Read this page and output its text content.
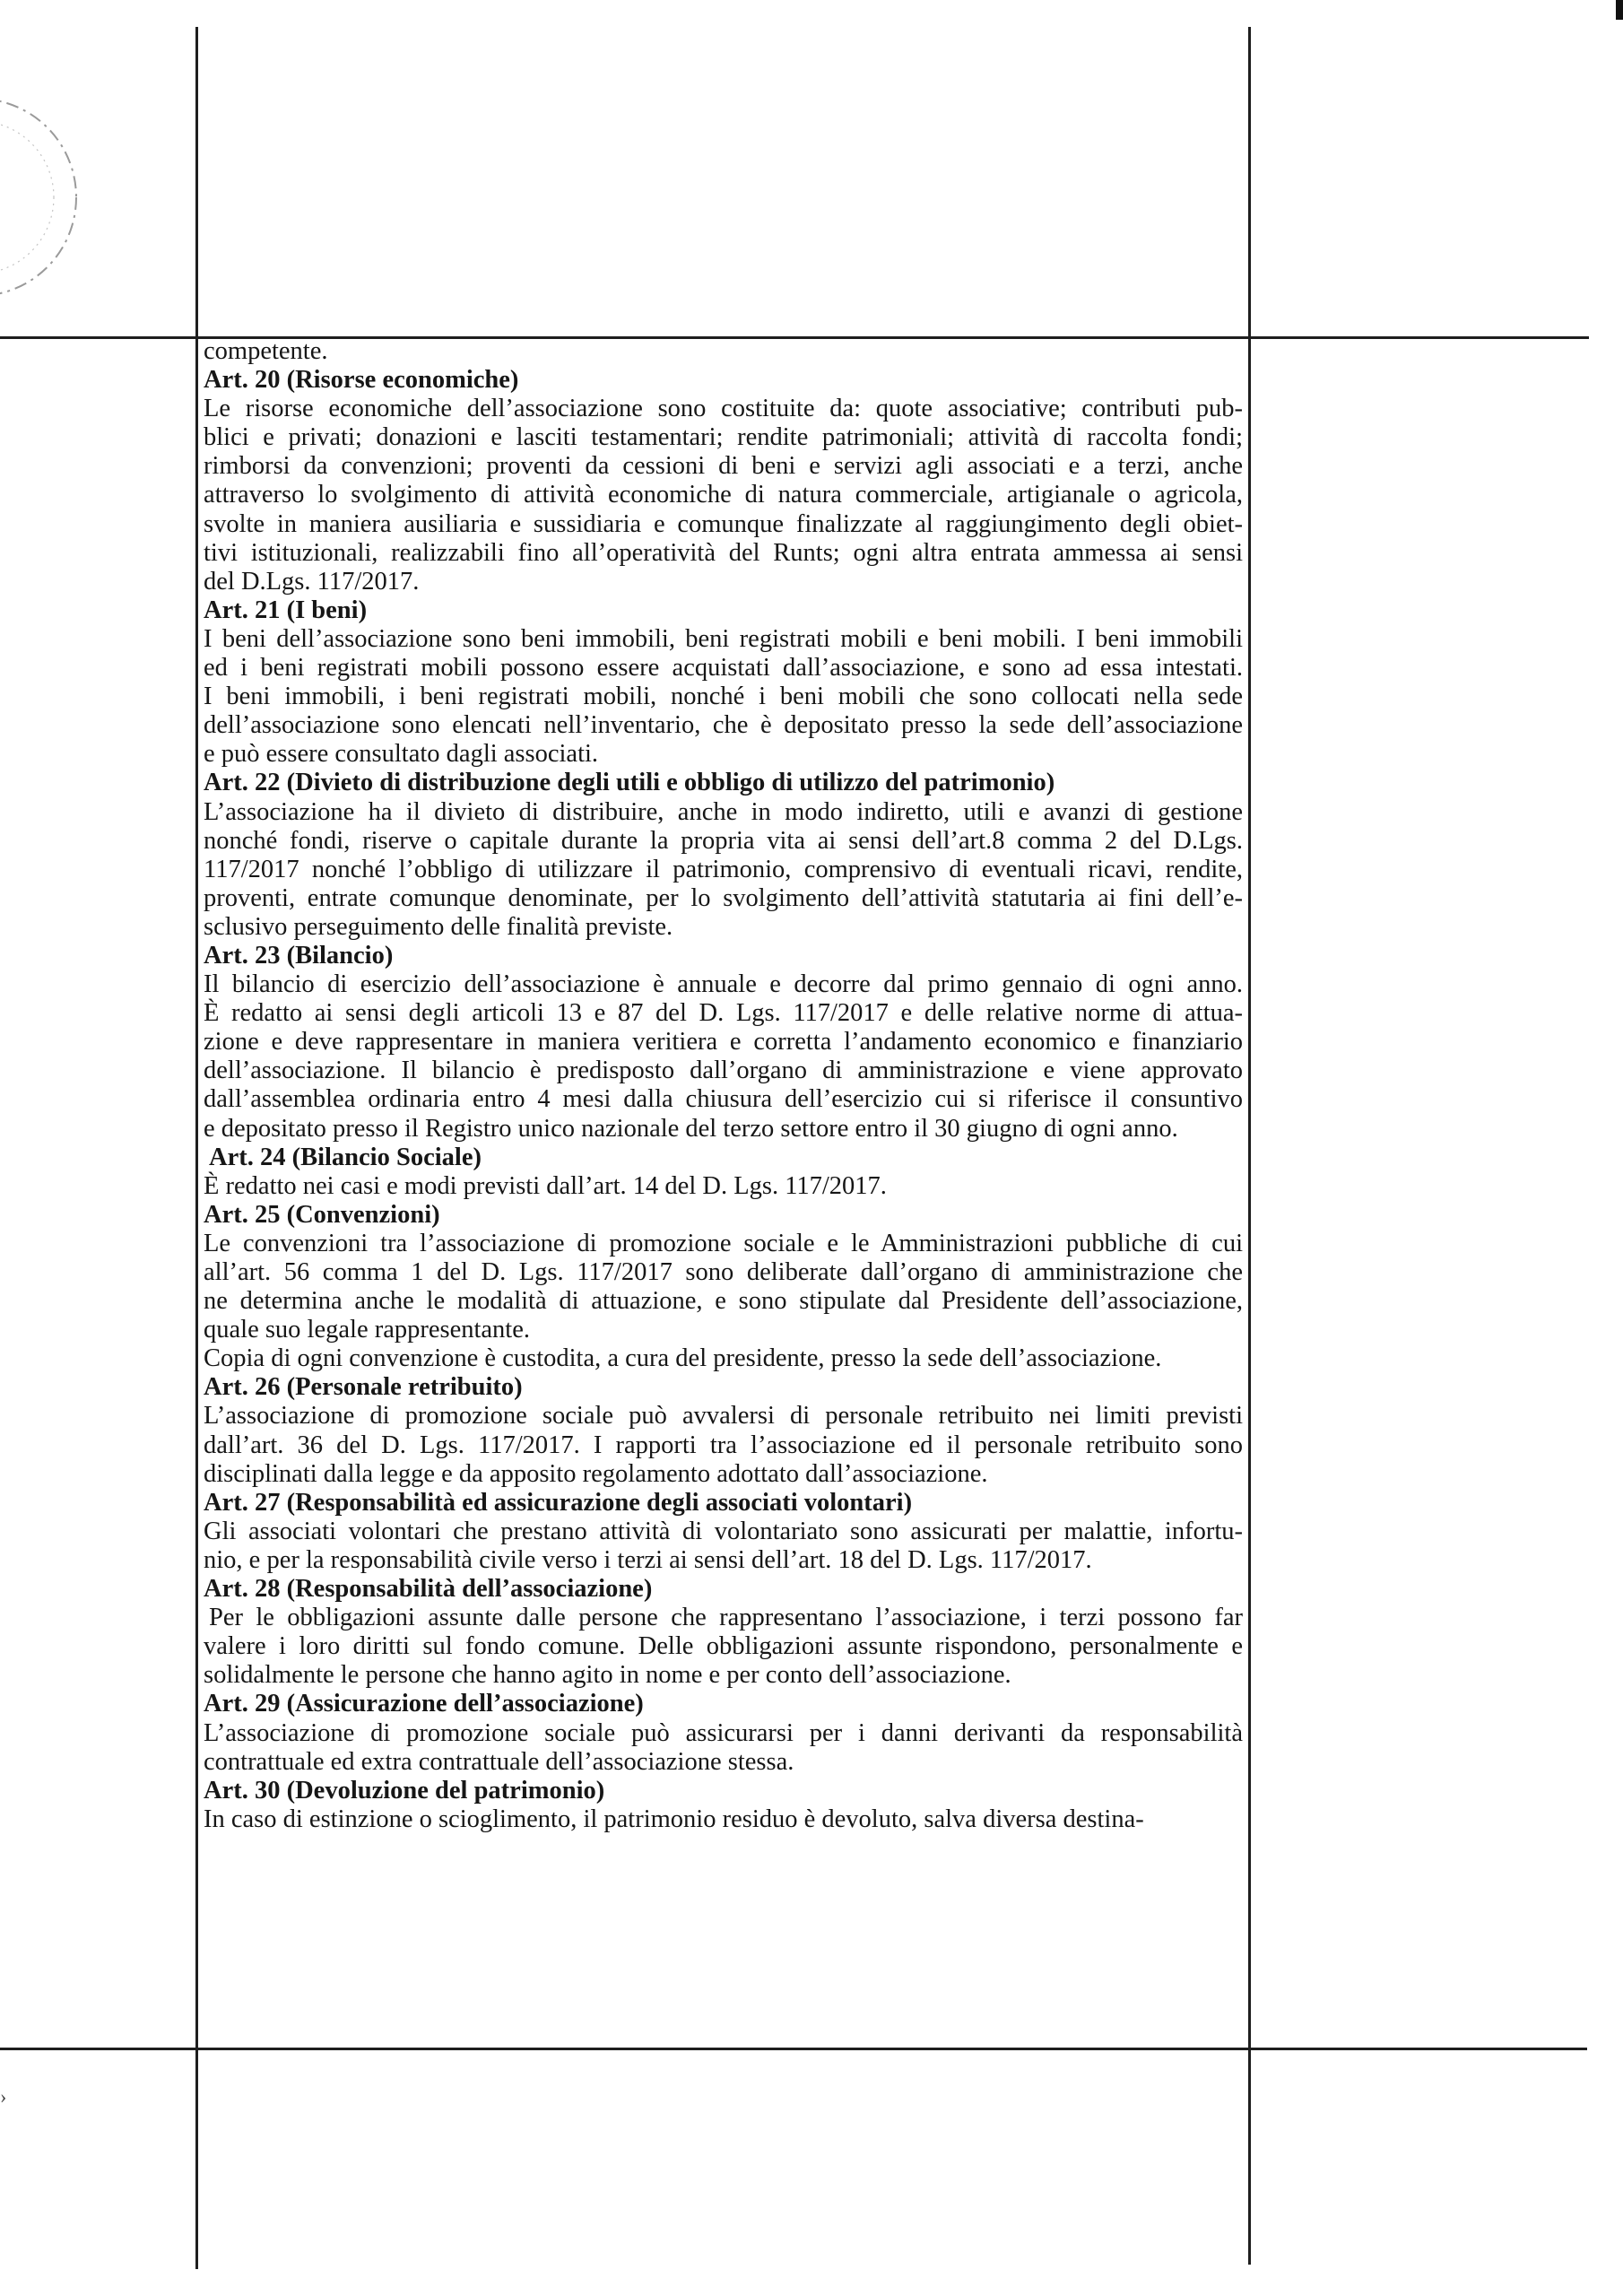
›
competente.
Art. 20 (Risorse economiche)
Le risorse economiche dell’associazione sono costituite da: quote associative; contributi pub-
blici e privati; donazioni e lasciti testamentari; rendite patrimoniali; attività di raccolta fondi;
rimborsi da convenzioni; proventi da cessioni di beni e servizi agli associati e a terzi, anche
attraverso lo svolgimento di attività economiche di natura commerciale, artigianale o agricola,
svolte in maniera ausiliaria e sussidiaria e comunque finalizzate al raggiungimento degli obiet-
tivi istituzionali, realizzabili fino all’operatività del Runts; ogni altra entrata ammessa ai sensi
del D.Lgs. 117/2017.
Art. 21 (I beni)
I beni dell’associazione sono beni immobili, beni registrati mobili e beni mobili. I beni immobili
ed i beni registrati mobili possono essere acquistati dall’associazione, e sono ad essa intestati.
I beni immobili, i beni registrati mobili, nonché i beni mobili che sono collocati nella sede
dell’associazione sono elencati nell’inventario, che è depositato presso la sede dell’associazione
e può essere consultato dagli associati.
Art. 22 (Divieto di distribuzione degli utili e obbligo di utilizzo del patrimonio)
L’associazione ha il divieto di distribuire, anche in modo indiretto, utili e avanzi di gestione
nonché fondi, riserve o capitale durante la propria vita ai sensi dell’art.8 comma 2 del D.Lgs.
117/2017 nonché l’obbligo di utilizzare il patrimonio, comprensivo di eventuali ricavi, rendite,
proventi, entrate comunque denominate, per lo svolgimento dell’attività statutaria ai fini dell’e-
sclusivo perseguimento delle finalità previste.
Art. 23 (Bilancio)
Il bilancio di esercizio dell’associazione è annuale e decorre dal primo gennaio di ogni anno.
È redatto ai sensi degli articoli 13 e 87 del D. Lgs. 117/2017 e delle relative norme di attua-
zione e deve rappresentare in maniera veritiera e corretta l’andamento economico e finanziario
dell’associazione. Il bilancio è predisposto dall’organo di amministrazione e viene approvato
dall’assemblea ordinaria entro 4 mesi dalla chiusura dell’esercizio cui si riferisce il consuntivo
e depositato presso il Registro unico nazionale del terzo settore entro il 30 giugno di ogni anno.
Art. 24 (Bilancio Sociale)
È redatto nei casi e modi previsti dall’art. 14 del D. Lgs. 117/2017.
Art. 25 (Convenzioni)
Le convenzioni tra l’associazione di promozione sociale e le Amministrazioni pubbliche di cui
all’art. 56 comma 1 del D. Lgs. 117/2017 sono deliberate dall’organo di amministrazione che
ne determina anche le modalità di attuazione, e sono stipulate dal Presidente dell’associazione,
quale suo legale rappresentante.
Copia di ogni convenzione è custodita, a cura del presidente, presso la sede dell’associazione.
Art. 26 (Personale retribuito)
L’associazione di promozione sociale può avvalersi di personale retribuito nei limiti previsti
dall’art. 36 del D. Lgs. 117/2017. I rapporti tra l’associazione ed il personale retribuito sono
disciplinati dalla legge e da apposito regolamento adottato dall’associazione.
Art. 27 (Responsabilità ed assicurazione degli associati volontari)
Gli associati volontari che prestano attività di volontariato sono assicurati per malattie, infortu-
nio, e per la responsabilità civile verso i terzi ai sensi dell’art. 18 del D. Lgs. 117/2017.
Art. 28 (Responsabilità dell’associazione)
Per le obbligazioni assunte dalle persone che rappresentano l’associazione, i terzi possono far
valere i loro diritti sul fondo comune. Delle obbligazioni assunte rispondono, personalmente e
solidalmente le persone che hanno agito in nome e per conto dell’associazione.
Art. 29 (Assicurazione dell’associazione)
L’associazione di promozione sociale può assicurarsi per i danni derivanti da responsabilità
contrattuale ed extra contrattuale dell’associazione stessa.
Art. 30 (Devoluzione del patrimonio)
In caso di estinzione o scioglimento, il patrimonio residuo è devoluto, salva diversa destina-
